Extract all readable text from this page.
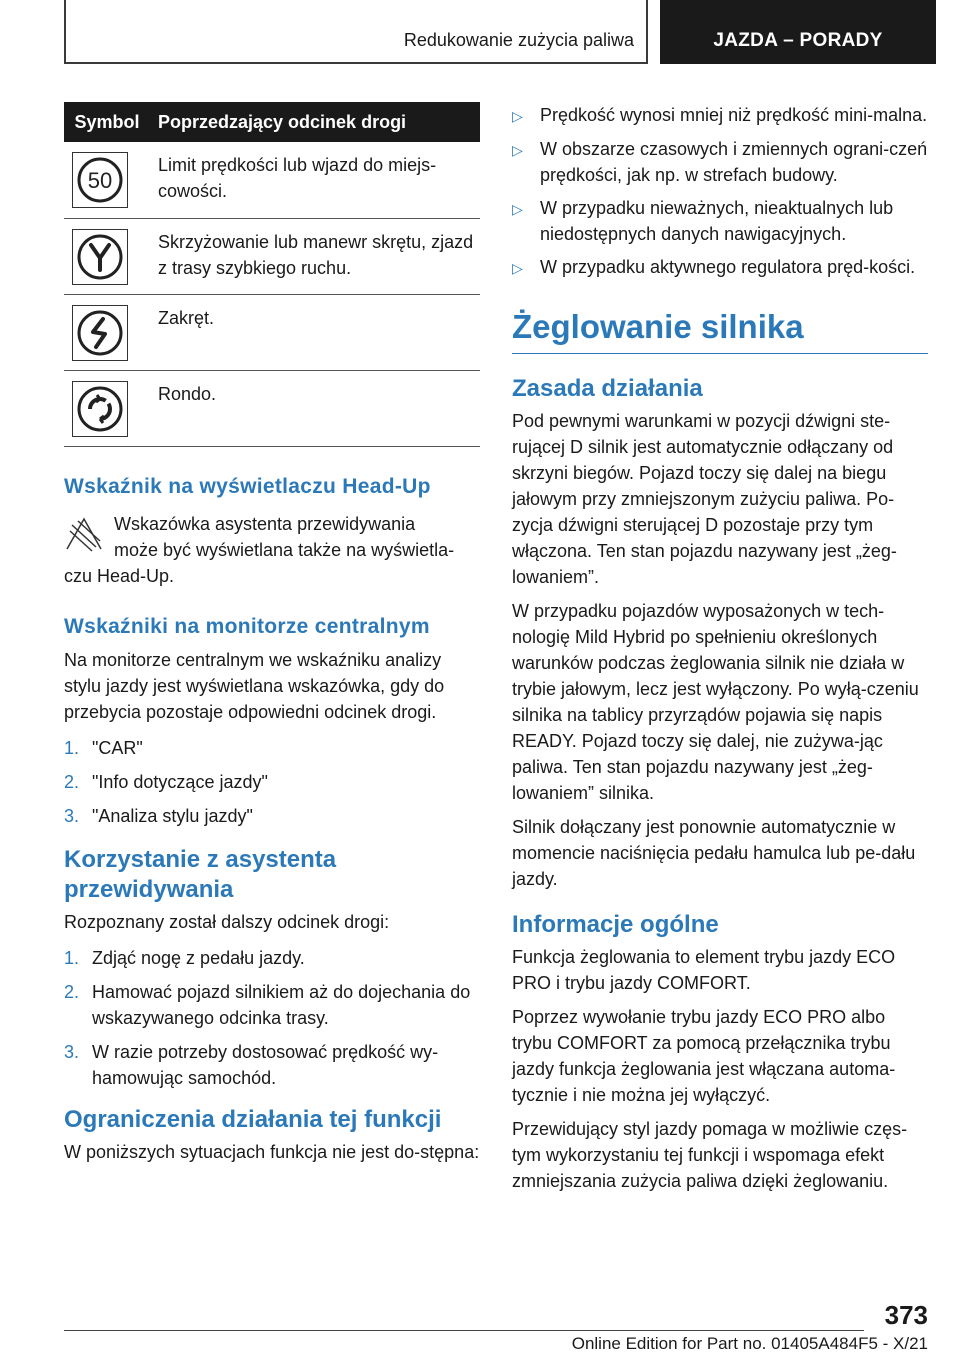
Redukowanie zużycia paliwa	JAZDA – PORADY
Symbol	Poprzedzający odcinek drogi

50	Limit prędkości lub wjazd do miejs-cowości.

	Skrzyżowanie lub manewr skrętu, zjazd z trasy szybkiego ruchu.

	Zakręt.

	Rondo.
Wskaźnik na wyświetlaczu Head-Up
Wskazówka asystenta przewidywania
może być wyświetlana także na wyświetla-
czu Head-Up.
Wskaźniki na monitorze centralnym
Na monitorze centralnym we wskaźniku analizy stylu jazdy jest wyświetlana wskazówka, gdy do przebycia pozostaje odpowiedni odcinek drogi.
1. "CAR"
2. "Info dotyczące jazdy"
3. "Analiza stylu jazdy"
Korzystanie z asystenta przewidywania
Rozpoznany został dalszy odcinek drogi:
1. Zdjąć nogę z pedału jazdy.
2. Hamować pojazd silnikiem aż do dojechania do wskazywanego odcinka trasy.
3. W razie potrzeby dostosować prędkość wy-hamowując samochód.
Ograniczenia działania tej funkcji
W poniższych sytuacjach funkcja nie jest do-stępna:
▷ Prędkość wynosi mniej niż prędkość mini-malna.
▷ W obszarze czasowych i zmiennych ograni-czeń prędkości, jak np. w strefach budowy.
▷ W przypadku nieważnych, nieaktualnych lub niedostępnych danych nawigacyjnych.
▷ W przypadku aktywnego regulatora pręd-kości.
Żeglowanie silnika
Zasada działania
Pod pewnymi warunkami w pozycji dźwigni ste-rującej D silnik jest automatycznie odłączany od skrzyni biegów. Pojazd toczy się dalej na biegu jałowym przy zmniejszonym zużyciu paliwa. Po-zycja dźwigni sterującej D pozostaje przy tym włączona. Ten stan pojazdu nazywany jest „żeg-lowaniem”.
W przypadku pojazdów wyposażonych w tech-nologię Mild Hybrid po spełnieniu określonych warunków podczas żeglowania silnik nie działa w trybie jałowym, lecz jest wyłączony. Po wyłą-czeniu silnika na tablicy przyrządów pojawia się napis READY. Pojazd toczy się dalej, nie zużywa-jąc paliwa. Ten stan pojazdu nazywany jest „żeg-lowaniem” silnika.
Silnik dołączany jest ponownie automatycznie w momencie naciśnięcia pedału hamulca lub pe-dału jazdy.
Informacje ogólne
Funkcja żeglowania to element trybu jazdy ECO PRO i trybu jazdy COMFORT.
Poprzez wywołanie trybu jazdy ECO PRO albo trybu COMFORT za pomocą przełącznika trybu jazdy funkcja żeglowania jest włączana automa-tycznie i nie można jej wyłączyć.
Przewidujący styl jazdy pomaga w możliwie częs-tym wykorzystaniu tej funkcji i wspomaga efekt zmniejszania zużycia paliwa dzięki żeglowaniu.
373
Online Edition for Part no. 01405A484F5 - X/21
